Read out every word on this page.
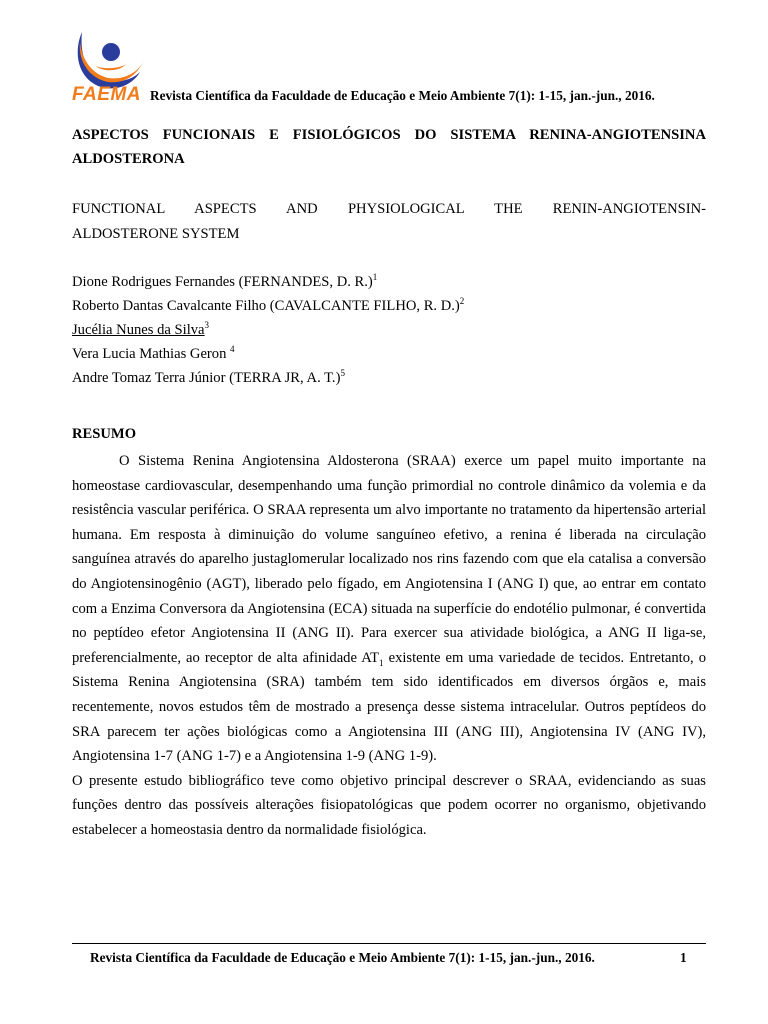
FAEMA Revista Científica da Faculdade de Educação e Meio Ambiente 7(1): 1-15, jan.-jun., 2016.
ASPECTOS FUNCIONAIS E FISIOLÓGICOS DO SISTEMA RENINA-ANGIOTENSINA ALDOSTERONA
FUNCTIONAL ASPECTS AND PHYSIOLOGICAL THE RENIN-ANGIOTENSIN-
ALDOSTERONE SYSTEM
Dione Rodrigues Fernandes (FERNANDES, D. R.)$^1$
Roberto Dantas Cavalcante Filho (CAVALCANTE FILHO, R. D.)$^2$
Jucélia Nunes da Silva$^3$
Vera Lucia Mathias Geron $^4$
Andre Tomaz Terra Júnior (TERRA JR, A. T.)$^5$
RESUMO

O Sistema Renina Angiotensina Aldosterona (SRAA) exerce um papel muito importante na homeostase cardiovascular, desempenhando uma função primordial no controle dinâmico da volemia e da resistência vascular periférica. O SRAA representa um alvo importante no tratamento da hipertensão arterial humana. Em resposta à diminuição do volume sanguíneo efetivo, a renina é liberada na circulação sanguínea através do aparelho justaglomerular localizado nos rins fazendo com que ela catalisa a conversão do Angiotensinogênio (AGT), liberado pelo fígado, em Angiotensina I (ANG I) que, ao entrar em contato com a Enzima Conversora da Angiotensina (ECA) situada na superfície do endotélio pulmonar, é convertida no peptídeo efetor Angiotensina II (ANG II). Para exercer sua atividade biológica, a ANG II liga-se, preferencialmente, ao receptor de alta afinidade $AT_1$ existente em uma variedade de tecidos. Entretanto, o Sistema Renina Angiotensina (SRA) também tem sido identificados em diversos órgãos e, mais recentemente, novos estudos têm de mostrado a presença desse sistema intracelular. Outros peptídeos do SRA parecem ter ações biológicas como a Angiotensina III (ANG III), Angiotensina IV (ANG IV), Angiotensina 1-7 (ANG 1-7) e a Angiotensina 1-9 (ANG 1-9).

O presente estudo bibliográfico teve como objetivo principal descrever o SRAA, evidenciando as suas funções dentro das possíveis alterações fisiopatológicas que podem ocorrer no organismo, objetivando estabelecer a homeostasia dentro da normalidade fisiológica.

Revista Científica da Faculdade de Educação e Meio Ambiente 7(1): 1-15, jan.-jun., 2016.	1
